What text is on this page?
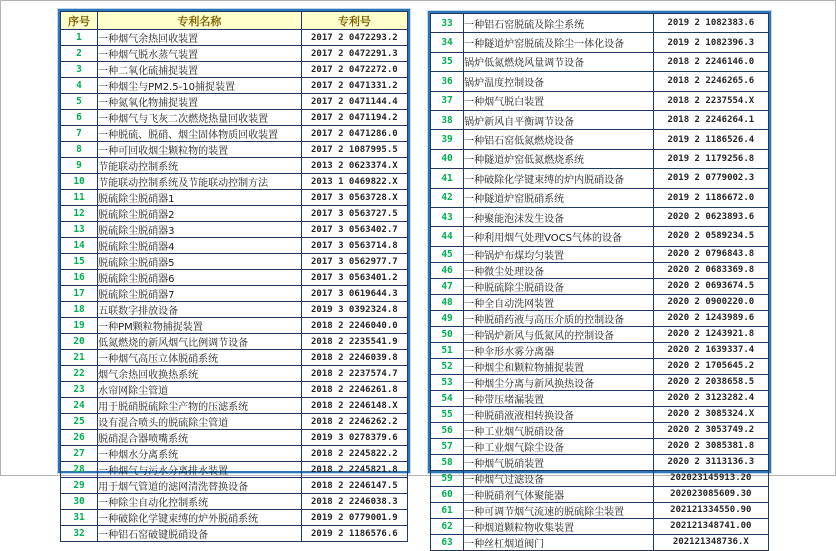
序号	专利名称	专利号
1	一种烟气余热回收装置	2017 2 0472293.2
2	一种烟气脱水蒸气装置	2017 2 0472291.3
3	一种二氧化硫捕捉装置	2017 2 0472272.0
4	一种烟尘与PM2.5-10捕捉装置	2017 2 0471331.2
5	一种氮氧化物捕捉装置	2017 2 0471144.4
6	一种烟气与飞灰二次燃烧热量回收装置	2017 2 0471194.2
7	一种脱硫、脱硝、烟尘固体物质回收装置	2017 2 0471286.0
8	一种可回收烟尘颗粒物的装置	2017 2 1087995.5
9	节能联动控制系统	2013 2 0623374.X
10	节能联动控制系统及节能联动控制方法	2013 1 0469822.X
11	脱硫除尘脱硝器1	2017 3 0563728.X
12	脱硫除尘脱硝器2	2017 3 0563727.5
13	脱硫除尘脱硝器3	2017 3 0563402.7
14	脱硫除尘脱硝器4	2017 3 0563714.8
15	脱硫除尘脱硝器5	2017 3 0562977.7
16	脱硫除尘脱硝器6	2017 3 0563401.2
17	脱硫除尘脱硝器7	2017 3 0619644.3
18	五联数字排放设备	2019 3 0392324.8
19	一种PM颗粒物捕捉装置	2018 2 2246040.0
20	低氮燃烧的新风烟气比例调节设备	2018 2 2235541.9
21	一种烟气高压立体脱硝系统	2018 2 2246039.8
22	烟气余热回收换热系统	2018 2 2237574.7
23	水帘网除尘管道	2018 2 2246261.8
24	用于脱硝脱硫除尘产物的压滤系统	2018 2 2246148.X
25	设有混合喷头的脱硫除尘管道	2018 2 2246262.2
26	脱硝混合器喷嘴系统	2019 3 0278379.6
27	一种烟水分离系统	2018 2 2245822.2
28	一种烟气与污水分离排水装置	2018 2 2245821.8
29	用于烟气管道的滤网清洗替换设备	2018 2 2246147.5
30	一种除尘自动化控制系统	2018 2 2246038.3
31	一种破除化学键束缚的炉外脱硝系统	2019 2 0779001.9
32	一种铝石窑破键脱硝设备	2019 2 1186576.6
33	一种铝石窑脱硫及除尘系统	2019 2 1082383.6
34	一种隧道炉窑脱硫及除尘一体化设备	2019 2 1082396.3
35	锅炉低氮燃烧风量调节设备	2018 2 2246146.0
36	锅炉温度控制设备	2018 2 2246265.6
37	一种烟气脱白装置	2018 2 2237554.X
38	锅炉新风自平衡调节设备	2018 2 2246264.1
39	一种铝石窑低氮燃烧设备	2019 2 1186526.4
40	一种隧道炉窑低氮燃烧系统	2019 2 1179256.8
41	一种破除化学键束缚的炉内脱硝设备	2019 2 0779002.3
42	一种隧道炉窑脱硝系统	2019 2 1186672.0
43	一种聚能泡沫发生设备	2020 2 0623893.6
44	一种利用烟气处理VOCS气体的设备	2020 2 0589234.5
45	一种锅炉布煤均匀装置	2020 2 0796843.8
46	一种微尘处理设备	2020 2 0683369.8
47	一种脱硫除尘脱硝设备	2020 2 0693674.5
48	一种全自动洗网装置	2020 2 0900220.0
49	一种脱硝药液与高压介质的控制设备	2020 2 1243989.6
50	一种锅炉新风与低氮风的控制设备	2020 2 1243921.8
51	一种伞形水雾分离器	2020 2 1639337.4
52	一种烟尘和颗粒物捕捉装置	2020 2 1705645.2
53	一种烟尘分离与新风换热设备	2020 2 2038658.5
54	一种带压堵漏装置	2020 2 3123282.4
55	一种脱硝液液相转换设备	2020 2 3085324.X
56	一种工业烟气脱硝设备	2020 2 3053749.2
57	一种工业烟气除尘设备	2020 2 3085381.8
58	一种烟气脱硝装置	2020 2 3113136.3
59	一种烟气过滤设备	202023145913.20
60	一种脱硝剂气体聚能器	202023085609.30
61	一种可调节烟气流速的脱硫除尘装置	202121334550.90
62	一种烟道颗粒物收集装置	202121348741.00
63	一种丝杠烟道阀门	202121348736.X
